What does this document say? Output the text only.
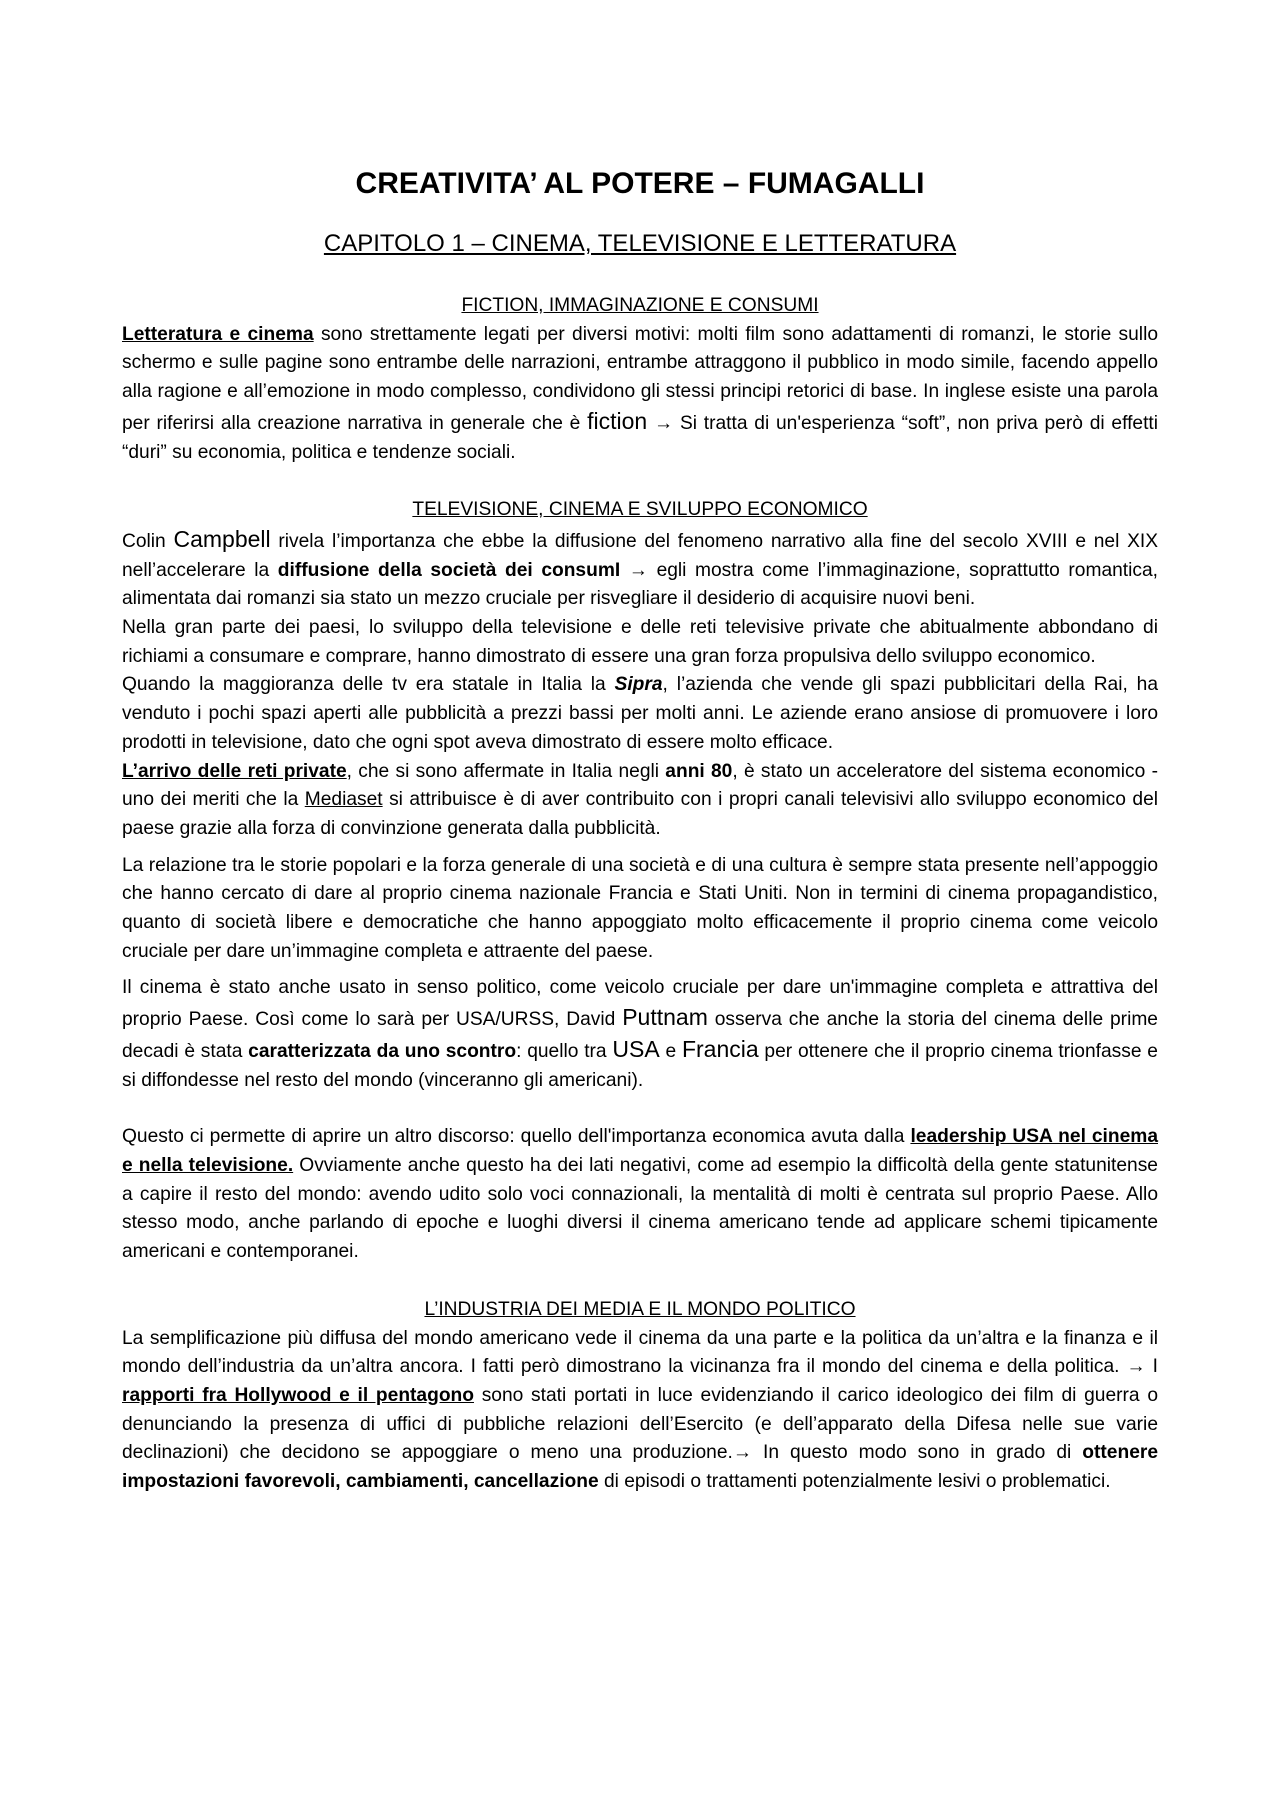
CREATIVITA’ AL POTERE – FUMAGALLI
CAPITOLO 1 – CINEMA, TELEVISIONE E LETTERATURA
FICTION, IMMAGINAZIONE E CONSUMI

Letteratura e cinema sono strettamente legati per diversi motivi: molti film sono adattamenti di romanzi, le storie sullo schermo e sulle pagine sono entrambe delle narrazioni, entrambe attraggono il pubblico in modo simile, facendo appello alla ragione e all’emozione in modo complesso, condividono gli stessi principi retorici di base. In inglese esiste una parola per riferirsi alla creazione narrativa in generale che è fiction → Si tratta di un'esperienza “soft”, non priva però di effetti “duri” su economia, politica e tendenze sociali.

TELEVISIONE, CINEMA E SVILUPPO ECONOMICO

Colin Campbell rivela l’importanza che ebbe la diffusione del fenomeno narrativo alla fine del secolo XVIII e nel XIX nell’accelerare la diffusione della società dei consumI → egli mostra come l’immaginazione, soprattutto romantica, alimentata dai romanzi sia stato un mezzo cruciale per risvegliare il desiderio di acquisire nuovi beni.

Nella gran parte dei paesi, lo sviluppo della televisione e delle reti televisive private che abitualmente abbondano di richiami a consumare e comprare, hanno dimostrato di essere una gran forza propulsiva dello sviluppo economico.

Quando la maggioranza delle tv era statale in Italia la Sipra, l’azienda che vende gli spazi pubblicitari della Rai, ha venduto i pochi spazi aperti alle pubblicità a prezzi bassi per molti anni. Le aziende erano ansiose di promuovere i loro prodotti in televisione, dato che ogni spot aveva dimostrato di essere molto efficace.

L’arrivo delle reti private, che si sono affermate in Italia negli anni 80, è stato un acceleratore del sistema economico - uno dei meriti che la Mediaset si attribuisce è di aver contribuito con i propri canali televisivi allo sviluppo economico del paese grazie alla forza di convinzione generata dalla pubblicità.

La relazione tra le storie popolari e la forza generale di una società e di una cultura è sempre stata presente nell’appoggio che hanno cercato di dare al proprio cinema nazionale Francia e Stati Uniti. Non in termini di cinema propagandistico, quanto di società libere e democratiche che hanno appoggiato molto efficacemente il proprio cinema come veicolo cruciale per dare un’immagine completa e attraente del paese.

Il cinema è stato anche usato in senso politico, come veicolo cruciale per dare un'immagine completa e attrattiva del proprio Paese. Così come lo sarà per USA/URSS, David Puttnam osserva che anche la storia del cinema delle prime decadi è stata caratterizzata da uno scontro: quello tra USA e Francia per ottenere che il proprio cinema trionfasse e si diffondesse nel resto del mondo (vinceranno gli americani).

Questo ci permette di aprire un altro discorso: quello dell'importanza economica avuta dalla leadership USA nel cinema e nella televisione. Ovviamente anche questo ha dei lati negativi, come ad esempio la difficoltà della gente statunitense a capire il resto del mondo: avendo udito solo voci connazionali, la mentalità di molti è centrata sul proprio Paese. Allo stesso modo, anche parlando di epoche e luoghi diversi il cinema americano tende ad applicare schemi tipicamente americani e contemporanei.

L’INDUSTRIA DEI MEDIA E IL MONDO POLITICO

La semplificazione più diffusa del mondo americano vede il cinema da una parte e la politica da un’altra e la finanza e il mondo dell’industria da un’altra ancora. I fatti però dimostrano la vicinanza fra il mondo del cinema e della politica. → I rapporti fra Hollywood e il pentagono sono stati portati in luce evidenziando il carico ideologico dei film di guerra o denunciando la presenza di uffici di pubbliche relazioni dell’Esercito (e dell’apparato della Difesa nelle sue varie declinazioni) che decidono se appoggiare o meno una produzione.→ In questo modo sono in grado di ottenere impostazioni favorevoli, cambiamenti, cancellazione di episodi o trattamenti potenzialmente lesivi o problematici.
